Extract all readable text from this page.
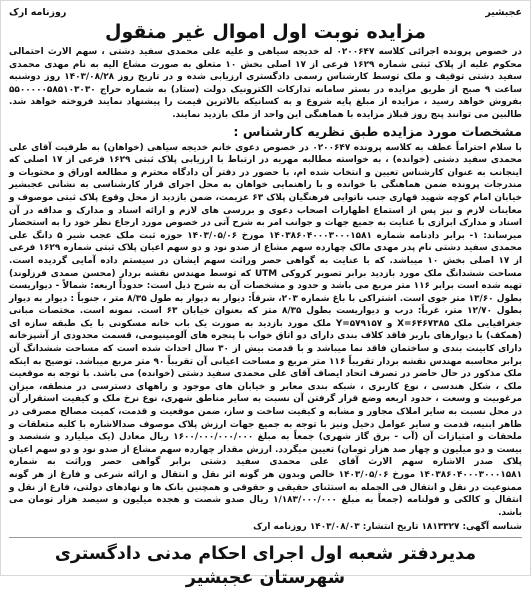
عجبشیر
روزنامه ارک
مزایده نوبت اول اموال غیر منقول

در خصوص پرونده اجرائی کلاسه ۰۲۰۰۶۴۷ له خدیجه سیاهی و علیه علی محمدی سفید دشتی ، سهم الارث احتمالی محکوم علیه از پلاک ثبتی شماره ۱۶۲۹ فرعی از ۱۷ اصلی بخش ۱۰ متعلق به صورت مشاع الیه به نام مهدی محمدی سفید دشتی توقیف و ملک توسط کارشناس رسمی دادگستری ارزیابی شده و در تاریخ روز ۱۴۰۳/۰۸/۲۸ روز دوشنبه ساعت ۹ صبح از طریق مزایده در بستر سامانه تدارکات الکترونیک دولت (ستاد) به شماره حراج ۵۵۰۰۰۰۰۵۸۵۱۰۳۰۳۰ بفروش خواهد رسید ، مزایده از مبلغ پایه شروع و به کسانیکه بالاترین قیمت را پیشنهاد نمایند فروخته خواهد شد. طالبین می توانند پنج روز قبلاز مزایده با هماهنگی این واحد از ملک بازدید نمایند.

مشخصات مورد مزایده طبق نظریه کارشناس :

با سلام احتراماً عطف به کلاسه پرونده ۰۲۰۰۶۴۷ در خصوص دعوی خانم خدیجه سیاهی (خواهان) به طرفیت آقای علی محمدی سفید دشتی (خوانده) ، به خواسته مطالبه مهریه در ارتباط با ارزیابی پلاک ثبتی ۱۶۲۹ فرعی از ۱۷ اصلی که اینجانب به عنوان کارشناس تعیین و انتخاب شده ام، با حضور در دفتر آن دادگاه محترم و مطالعه اوراق و محتویات و مندرجات پرونده ضمن هماهنگی با خوانده و با راهنمایی خواهان به محل اجرای قرار کارشناسی به نشانی عجبشیر خیابان امام کوچه شهید قهاری جنب ناتوایی فرهنگیان پلاک ۶۳ عزیمت، ضمن بازدید از محل وقوع پلاک ثبتی موصوف و معاینات لازم و نیز پس از استماع اظهارات اصحاب دعوی و بررسی های لازم و ارائه اسناد و مدارک و مداقه در آن اسناد و مدارک ابرازی با عنایت به جمیع جهات و جوانب امر به شرح آتی در خصوص مورد ارجاع نظر خود را به استحضار میرساند: ۱- برابر دادنامه شماره ۱۴۰۳۸۶۰۴۰۰۰۳۰۰۰۱۵۸۱ مورخ ۱۴۰۳/۰۵/۰۶ حوزه ثبت ملک عجب شیر ۵ دانگ علی محمدی سفید دشتی نام پدر مهدی مالک چهارده سهم مشاع از صدو نود و دو سهم اعیان پلاک ثبتی شماره ۱۶۲۹ فرعی از ۱۷ اصلی بخش ۱۰ میباشد. که با عنایت به گواهی حصر وراثت سهم ایشان در سیستم داده آمایی گردیده است. مساحت ششدانگ ملک مورد بازدید برابر تصویر کروکی UTM که توسط مهندس نقشه بردار (محسن صمدی فرزلوند) تهیه شده است برابر ۱۱۶ متر مربع می باشد و حدود و مشخصات آن به شرح ذیل است: حدوداً اربعه: شمالاً - دیواریست بطول ۱۳/۶۰ متر جوی است. اشتراکی با باغ شماره ۲۰۳، شرقاً: دیوار به دیوار به طول ۸/۳۵ متر ، جنوباً : دیوار به دیوار بطول ۱۲/۷۰ متر، غرباً: درب و دیواریست بطول ۸/۳۵ متر که بعنوان خیابان ۶۳ است. نمونه است. مختصات مبانی جغرافیایی ملک X=۶۴۶۷۳۸۵ و Y=۵۷۹۱۵۷ ملک مورد بازدید به صورت یک باب خانه مسکونی با یک طبقه سازه ای (همکف) با دیوارهای باربر فاقد کلاف بندی دارای دو اتاق خواب با پنجره های آلومینیومی، قسمت محدودی از آشپزخانه دارای کابینت بندی و ساختمان فاقد نما میباشد و با قدمت بیش از ۳۰ سال احداث شده است که مساحت ششدانگ آن برابر محاسبه مهندس نقشه بردار تقریباً ۱۱۶ متر مربع و مساحت اعیانی آن تقریباً ۹۰ متر مربع میباشد. توضیح به اینکه ملک مذکور در حال حاضر در تصرف اتحاد ایصاف آقای علی محمدی سفید دشتی (خوانده) می باشد. با توجه به موقعیت ملک ، شکل هندسی ، نوع کاربری ، شبکه بندی معابر و خیابان های موجود و راههای دسترسی در منطقه، میزان مرغوبیت و وسعت ، حدود اربعه وضع قرار گرفتن آن نسبت به سایر مناطق شهری، نوع نرخ ملک و کیفیت استقرار آن در محل نسبت به سایر املاک مجاور و مشابه و کیفیت ساخت و ساز، ضمن موقعیت و قدمت، کمیت مصالح مصرفی در ظاهر ابنیه، قدمت و سایر عوامل دخیل ونیز با توجه به جمیع جهات ارزش پلاک موصوف صدالاشاره با کلیه متعلقات و ملحقات و امتیازات آن (آب - برق گاز شهری) جمعاً به مبلغ ۱۶۰۰/۰۰۰/۰۰۰/۰۰۰ ریال معادل (یک میلیارد و ششصد و بیست و دو میلیون و چهار صد هزار تومان) تعیین میگردد. ارزش مقدار چهارده سهم مشاع از صدو نود و دو سهم اعیان پلاک صدر الاشاره سهم الارث آقای علی محمدی سفید دشتی برابر گواهی حصر وراثت به شماره ۱۴۰۳۸۶۰۴۰۰۰۳۰۰۰۱۵۸۱ مورخ ۱۴۰۳/۰۵/۰۶ خالص وبدون هر گونه اثر نقل و انتقال و ارائه شرعی و فارغ از هر گونه ممنوعیت در نقل و انتقال فی الجمله به استثنای حقیقی و حقوقی و همچنین بانک ها و نهادهای دولتی، فارغ از نقل و انتقال و کالکی و فولنامه (جمعاً به مبلغ ۱/۱۸۳/۰۰۰/۰۰۰ ریال صدو شصت و هجده میلیون و سیصد هزار تومان می باشد.

شناسه آگهی: ۱۸۱۳۳۲۷ تاریخ انتشار: ۱۴۰۳/۰۸/۰۳ روزنامه ارک
مدیردفتر شعبه اول اجرای احکام مدنی دادگستری
شهرستان عجبشیر
